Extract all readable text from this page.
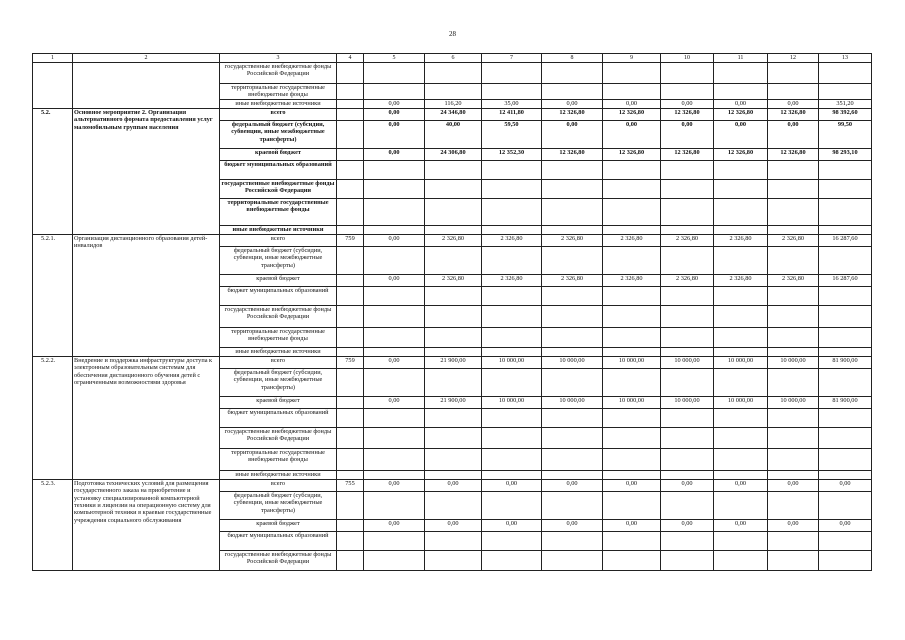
28
1	2	3	4	5	6	7	8	9	10	11	12	13
		государственные внебюджетные фонды Российской Федерации										
		территориальные государственные внебюджетные фонды										
		иные внебюджетные источники		0,00	116,20	35,00	0,00	0,00	0,00	0,00	0,00	351,20
5.2.	Основное мероприятие 2. Организация альтернативного формата предоставления услуг маломобильным группам населения	всего		0,00	24 346,80	12 411,80	12 326,80	12 326,80	12 326,80	12 326,80	12 326,80	98 392,60
		федеральный бюджет (субсидии, субвенции, иные межбюджетные трансферты)		0,00	40,00	59,50	0,00	0,00	0,00	0,00	0,00	99,50
		краевой бюджет		0,00	24 306,80	12 352,30	12 326,80	12 326,80	12 326,80	12 326,80	12 326,80	98 293,10
		бюджет муниципальных образований										
		государственные внебюджетные фонды Российской Федерации										
		территориальные государственные внебюджетные фонды										
		иные внебюджетные источники										
5.2.1.	Организация дистанционного образования детей-инвалидов	всего	759	0,00	2 326,80	2 326,80	2 326,80	2 326,80	2 326,80	2 326,80	2 326,80	16 287,60
		федеральный бюджет (субсидии, субвенции, иные межбюджетные трансферты)										
		краевой бюджет		0,00	2 326,80	2 326,80	2 326,80	2 326,80	2 326,80	2 326,80	2 326,80	16 287,60
		бюджет муниципальных образований										
		государственные внебюджетные фонды Российской Федерации										
		территориальные государственные внебюджетные фонды										
		иные внебюджетные источники										
5.2.2.	Внедрение и поддержка инфраструктуры доступа к электронным образовательным системам для обеспечения дистанционного обучения детей с ограниченными возможностями здоровья	всего	759	0,00	21 900,00	10 000,00	10 000,00	10 000,00	10 000,00	10 000,00	10 000,00	81 900,00
		федеральный бюджет (субсидии, субвенции, иные межбюджетные трансферты)										
		краевой бюджет		0,00	21 900,00	10 000,00	10 000,00	10 000,00	10 000,00	10 000,00	10 000,00	81 900,00
		бюджет муниципальных образований										
		государственные внебюджетные фонды Российской Федерации										
		территориальные государственные внебюджетные фонды										
		иные внебюджетные источники										
5.2.3.	Подготовка технических условий для размещения государственного заказа на приобретение и установку специализированной компьютерной техники и лицензии на операционную систему для компьютерной техники в краевые государственные учреждения социального обслуживания	всего	755	0,00	0,00	0,00	0,00	0,00	0,00	0,00	0,00	0,00
		федеральный бюджет (субсидии, субвенции, иные межбюджетные трансферты)										
		краевой бюджет		0,00	0,00	0,00	0,00	0,00	0,00	0,00	0,00	0,00
		бюджет муниципальных образований										
		государственные внебюджетные фонды Российской Федерации										
